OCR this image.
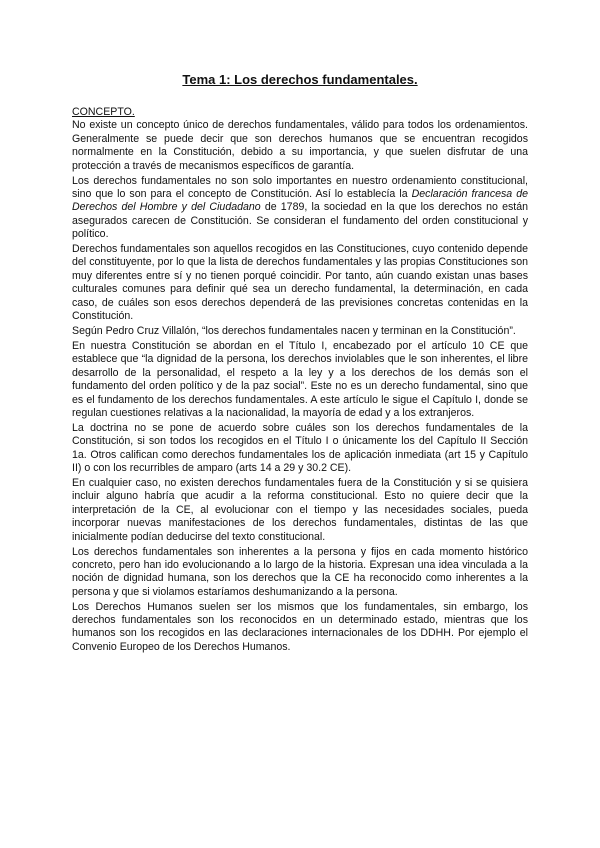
Tema 1: Los derechos fundamentales.

CONCEPTO.

No existe un concepto único de derechos fundamentales, válido para todos los ordenamientos. Generalmente se puede decir que son derechos humanos que se encuentran recogidos normalmente en la Constitución, debido a su importancia, y que suelen disfrutar de una protección a través de mecanismos específicos de garantía.

Los derechos fundamentales no son solo importantes en nuestro ordenamiento constitucional, sino que lo son para el concepto de Constitución. Así lo establecía la Declaración francesa de Derechos del Hombre y del Ciudadano de 1789, la sociedad en la que los derechos no están asegurados carecen de Constitución. Se consideran el fundamento del orden constitucional y político.

Derechos fundamentales son aquellos recogidos en las Constituciones, cuyo contenido depende del constituyente, por lo que la lista de derechos fundamentales y las propias Constituciones son muy diferentes entre sí y no tienen porqué coincidir. Por tanto, aún cuando existan unas bases culturales comunes para definir qué sea un derecho fundamental, la determinación, en cada caso, de cuáles son esos derechos dependerá de las previsiones concretas contenidas en la Constitución.

Según Pedro Cruz Villalón, “los derechos fundamentales nacen y terminan en la Constitución”.

En nuestra Constitución se abordan en el Título I, encabezado por el artículo 10 CE que establece que “la dignidad de la persona, los derechos inviolables que le son inherentes, el libre desarrollo de la personalidad, el respeto a la ley y a los derechos de los demás son el fundamento del orden político y de la paz social”. Este no es un derecho fundamental, sino que es el fundamento de los derechos fundamentales. A este artículo le sigue el Capítulo I, donde se regulan cuestiones relativas a la nacionalidad, la mayoría de edad y a los extranjeros.

La doctrina no se pone de acuerdo sobre cuáles son los derechos fundamentales de la Constitución, si son todos los recogidos en el Título I o únicamente los del Capítulo II Sección 1a. Otros califican como derechos fundamentales los de aplicación inmediata (art 15 y Capítulo II) o con los recurribles de amparo (arts 14 a 29 y 30.2 CE).

En cualquier caso, no existen derechos fundamentales fuera de la Constitución y si se quisiera incluir alguno habría que acudir a la reforma constitucional. Esto no quiere decir que la interpretación de la CE, al evolucionar con el tiempo y las necesidades sociales, pueda incorporar nuevas manifestaciones de los derechos fundamentales, distintas de las que inicialmente podían deducirse del texto constitucional.

Los derechos fundamentales son inherentes a la persona y fijos en cada momento histórico concreto, pero han ido evolucionando a lo largo de la historia. Expresan una idea vinculada a la noción de dignidad humana, son los derechos que la CE ha reconocido como inherentes a la persona y que si violamos estaríamos deshumanizando a la persona.

Los Derechos Humanos suelen ser los mismos que los fundamentales, sin embargo, los derechos fundamentales son los reconocidos en un determinado estado, mientras que los humanos son los recogidos en las declaraciones internacionales de los DDHH. Por ejemplo el Convenio Europeo de los Derechos Humanos.
